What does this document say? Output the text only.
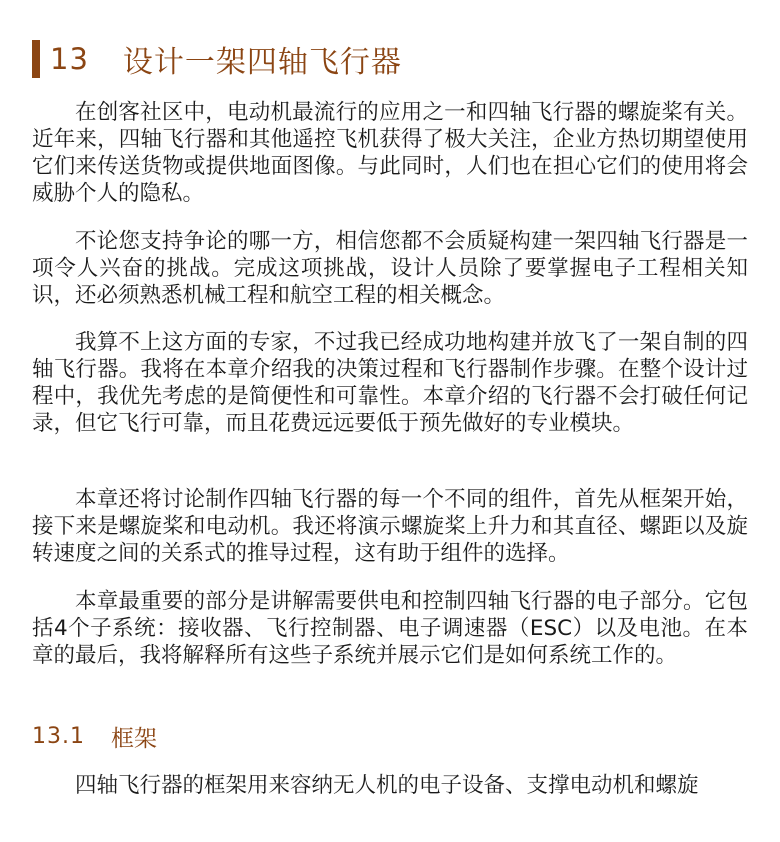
13 设计一架四轴飞行器

在创客社区中，电动机最流行的应用之一和四轴飞行器的螺旋桨有关。近年来，四轴飞行器和其他遥控飞机获得了极大关注，企业方热切期望使用它们来传送货物或提供地面图像。与此同时，人们也在担心它们的使用将会威胁个人的隐私。

不论您支持争论的哪一方，相信您都不会质疑构建一架四轴飞行器是一项令人兴奋的挑战。完成这项挑战，设计人员除了要掌握电子工程相关知识，还必须熟悉机械工程和航空工程的相关概念。

我算不上这方面的专家，不过我已经成功地构建并放飞了一架自制的四轴飞行器。我将在本章介绍我的决策过程和飞行器制作步骤。在整个设计过程中，我优先考虑的是简便性和可靠性。本章介绍的飞行器不会打破任何记录，但它飞行可靠，而且花费远远要低于预先做好的专业模块。

本章还将讨论制作四轴飞行器的每一个不同的组件，首先从框架开始，接下来是螺旋桨和电动机。我还将演示螺旋桨上升力和其直径、螺距以及旋转速度之间的关系式的推导过程，这有助于组件的选择。

本章最重要的部分是讲解需要供电和控制四轴飞行器的电子部分。它包括4个子系统：接收器、飞行控制器、电子调速器（ESC）以及电池。在本章的最后，我将解释所有这些子系统并展示它们是如何系统工作的。

13.1 框架

四轴飞行器的框架用来容纳无人机的电子设备、支撑电动机和螺旋
